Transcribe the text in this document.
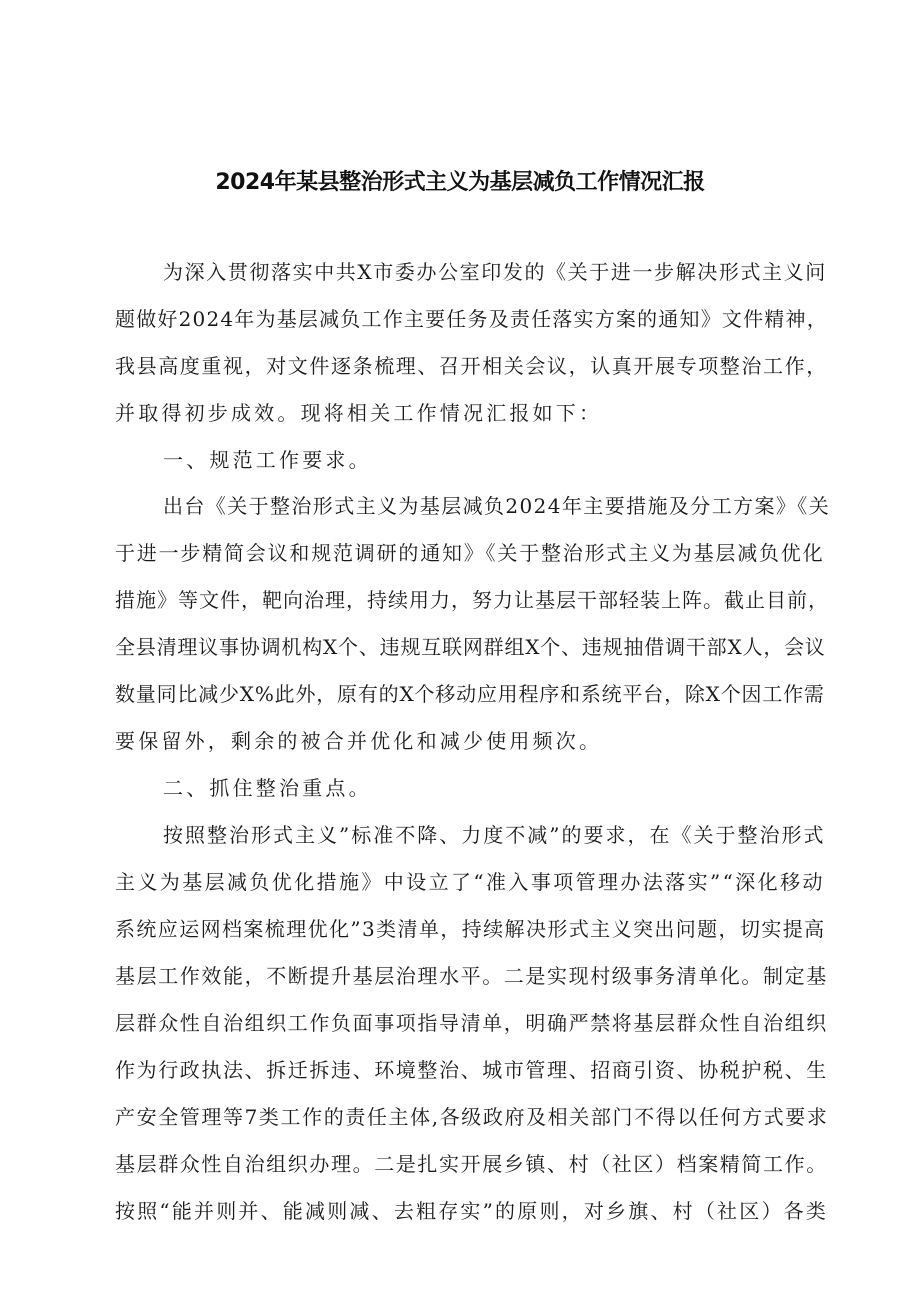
2024年某县整治形式主义为基层减负工作情况汇报
为深入贯彻落实中共X市委办公室印发的《关于进一步解决形式主义问
题做好2024年为基层减负工作主要任务及责任落实方案的通知》文件精神，
我县高度重视，对文件逐条梳理、召开相关会议，认真开展专项整治工作，
并取得初步成效。现将相关工作情况汇报如下：
一、规范工作要求。
出台《关于整治形式主义为基层减负2024年主要措施及分工方案》《关
于进一步精简会议和规范调研的通知》《关于整治形式主义为基层减负优化
措施》等文件，靶向治理，持续用力，努力让基层干部轻装上阵。截止目前，
全县清理议事协调机构X个、违规互联网群组X个、违规抽借调干部X人，会议
数量同比减少X%此外，原有的X个移动应用程序和系统平台，除X个因工作需
要保留外，剩余的被合并优化和减少使用频次。
二、抓住整治重点。
按照整治形式主义”标准不降、力度不减”的要求，在《关于整治形式
主义为基层减负优化措施》中设立了“准入事项管理办法落实”“深化移动
系统应运网档案梳理优化”3类清单，持续解决形式主义突出问题，切实提高
基层工作效能，不断提升基层治理水平。二是实现村级事务清单化。制定基
层群众性自治组织工作负面事项指导清单，明确严禁将基层群众性自治组织
作为行政执法、拆迁拆违、环境整治、城市管理、招商引资、协税护税、生
产安全管理等7类工作的责任主体,各级政府及相关部门不得以任何方式要求
基层群众性自治组织办理。二是扎实开展乡镇、村（社区）档案精简工作。
按照“能并则并、能减则减、去粗存实”的原则，对乡旗、村（社区）各类
